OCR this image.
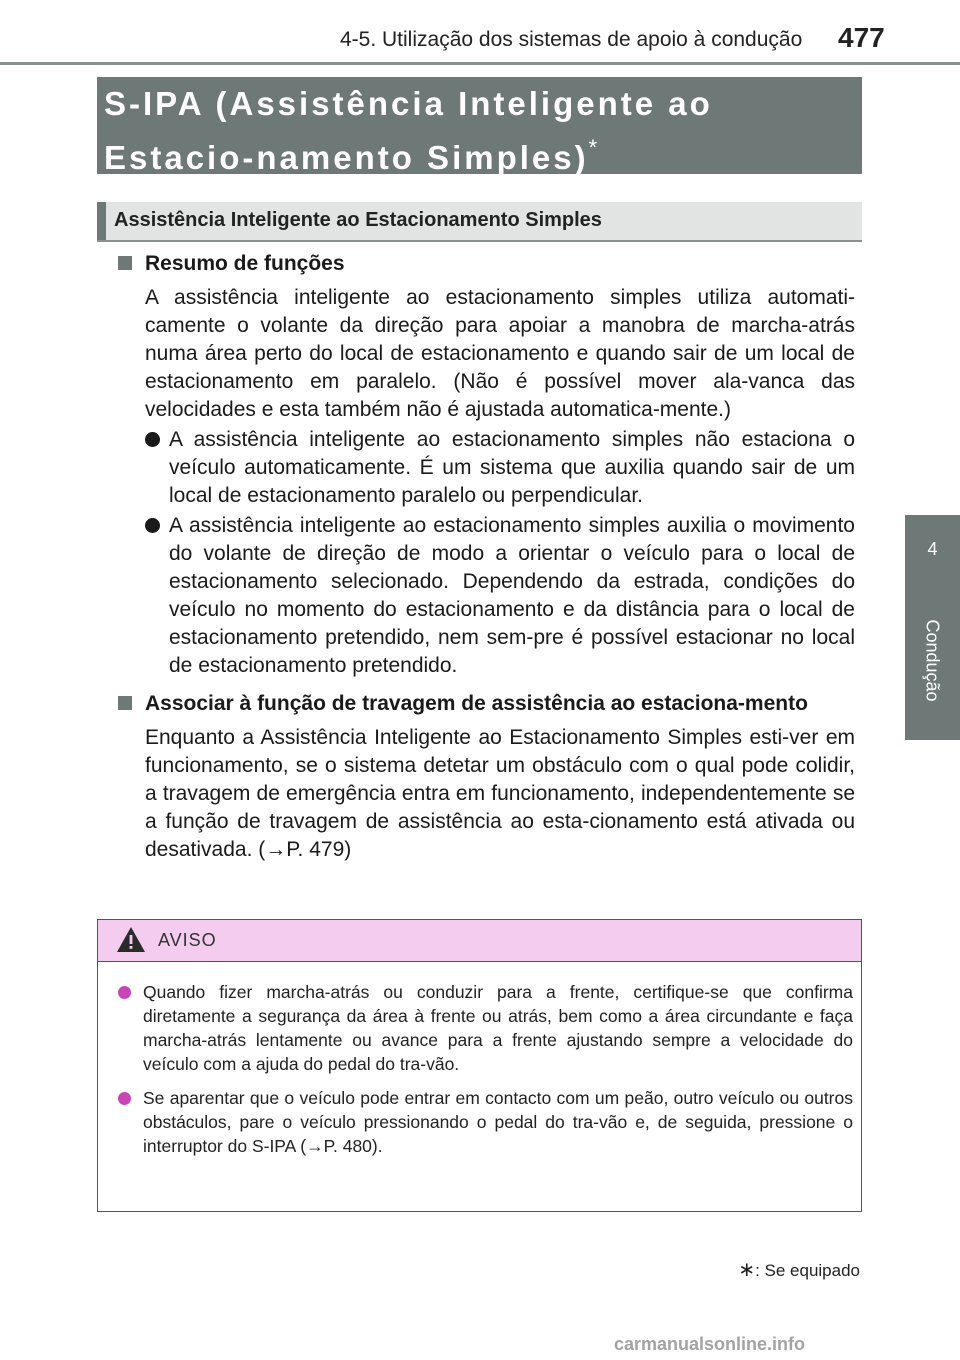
4-5. Utilização dos sistemas de apoio à condução 477
4
Condução

S-IPA (Assistência Inteligente ao Estacio-namento Simples)*

Assistência Inteligente ao Estacionamento Simples
Resumo de funções

A assistência inteligente ao estacionamento simples utiliza automati-camente o volante da direção para apoiar a manobra de marcha-atrás numa área perto do local de estacionamento e quando sair de um local de estacionamento em paralelo. (Não é possível mover ala-vanca das velocidades e esta também não é ajustada automatica-mente.)

A assistência inteligente ao estacionamento simples não estaciona o veículo automaticamente. É um sistema que auxilia quando sair de um local de estacionamento paralelo ou perpendicular.
A assistência inteligente ao estacionamento simples auxilia o movimento do volante de direção de modo a orientar o veículo para o local de estacionamento selecionado. Dependendo da estrada, condições do veículo no momento do estacionamento e da distância para o local de estacionamento pretendido, nem sem-pre é possível estacionar no local de estacionamento pretendido.
Associar à função de travagem de assistência ao estaciona-mento

Enquanto a Assistência Inteligente ao Estacionamento Simples esti-ver em funcionamento, se o sistema detetar um obstáculo com o qual pode colidir, a travagem de emergência entra em funcionamento, independentemente se a função de travagem de assistência ao esta-cionamento está ativada ou desativada. (→P. 479)

AVISO
Quando fizer marcha-atrás ou conduzir para a frente, certifique-se que confirma diretamente a segurança da área à frente ou atrás, bem como a área circundante e faça marcha-atrás lentamente ou avance para a frente ajustando sempre a velocidade do veículo com a ajuda do pedal do tra-vão.
Se aparentar que o veículo pode entrar em contacto com um peão, outro veículo ou outros obstáculos, pare o veículo pressionando o pedal do tra-vão e, de seguida, pressione o interruptor do S-IPA (→P. 480).
∗: Se equipado
carmanualsonline.info
